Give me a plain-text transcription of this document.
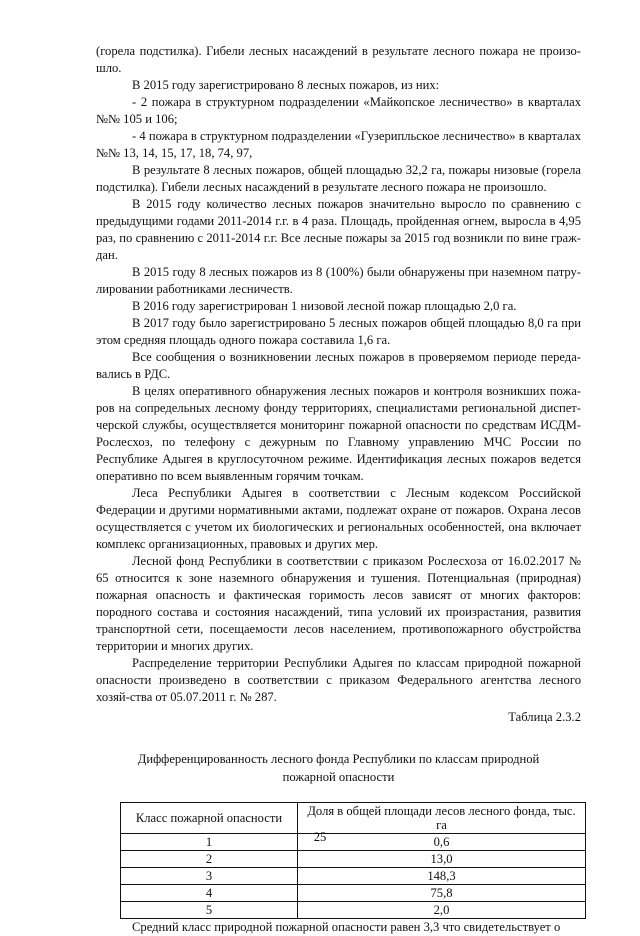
(горела подстилка). Гибели лесных насаждений в результате лесного пожара не произо-шло.

В 2015 году зарегистрировано 8 лесных пожаров, из них:

- 2 пожара в структурном подразделении «Майкопское лесничество» в кварталах №№ 105 и 106;

- 4 пожара в структурном подразделении «Гузерипльское лесничество» в кварталах №№ 13, 14, 15, 17, 18, 74, 97,

В результате 8 лесных пожаров, общей площадью 32,2 га, пожары низовые (горела подстилка). Гибели лесных насаждений в результате лесного пожара не произошло.

В 2015 году количество лесных пожаров значительно выросло по сравнению с предыдущими годами 2011-2014 г.г. в 4 раза. Площадь, пройденная огнем, выросла в 4,95 раз, по сравнению с 2011-2014 г.г. Все лесные пожары за 2015 год возникли по вине граж-дан.

В 2015 году 8 лесных пожаров из 8 (100%) были обнаружены при наземном патру-лировании работниками лесничеств.

В 2016 году зарегистрирован 1 низовой лесной пожар площадью 2,0 га.

В 2017 году было зарегистрировано 5 лесных пожаров общей площадью 8,0 га при этом средняя площадь одного пожара составила 1,6 га.

Все сообщения о возникновении лесных пожаров в проверяемом периоде переда-вались в РДС.

В целях оперативного обнаружения лесных пожаров и контроля возникших пожа-ров на сопредельных лесному фонду территориях, специалистами региональной диспет-черской службы, осуществляется мониторинг пожарной опасности по средствам ИСДМ-Рослесхоз, по телефону с дежурным по Главному управлению МЧС России по Республике Адыгея в круглосуточном режиме. Идентификация лесных пожаров ведется оперативно по всем выявленным горячим точкам.

Леса Республики Адыгея в соответствии с Лесным кодексом Российской Федерации и другими нормативными актами, подлежат охране от пожаров. Охрана лесов осуществляется с учетом их биологических и региональных особенностей, она включает комплекс организационных, правовых и других мер.

Лесной фонд Республики в соответствии с приказом Рослесхоза от 16.02.2017 № 65 относится к зоне наземного обнаружения и тушения. Потенциальная (природная) пожарная опасность и фактическая горимость лесов зависят от многих факторов: породного состава и состояния насаждений, типа условий их произрастания, развития транспортной сети, посещаемости лесов населением, противопожарного обустройства территории и многих других.

Распределение территории Республики Адыгея по классам природной пожарной опасности произведено в соответствии с приказом Федерального агентства лесного хозяй-ства от 05.07.2011 г. № 287.

Таблица 2.3.2
Дифференцированность лесного фонда Республики по классам природной пожарной опасности
Класс пожарной опасности	Доля в общей площади лесов лесного фонда, тыс. га
1	0,6
2	13,0
3	148,3
4	75,8
5	2,0

Средний класс природной пожарной опасности равен 3,3 что свидетельствует о

25
